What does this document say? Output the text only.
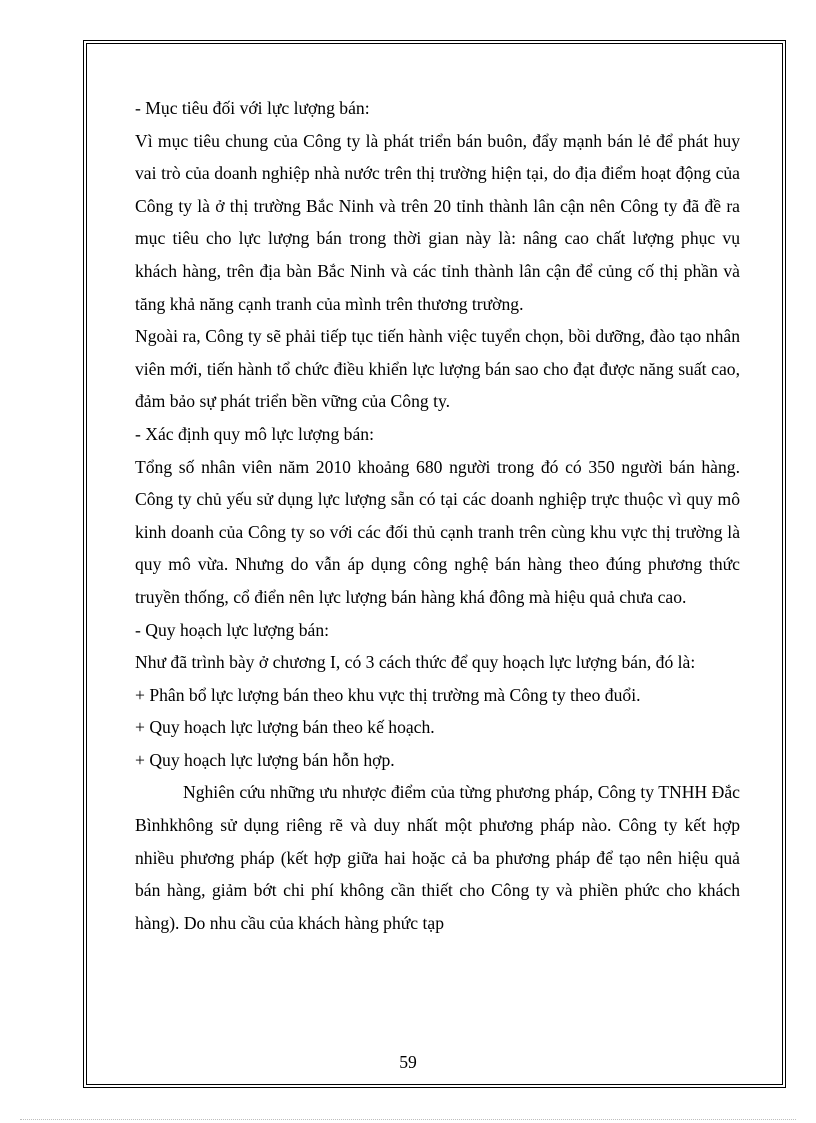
- Mục tiêu đối với lực lượng bán:

Vì mục tiêu chung của Công ty là phát triển bán buôn, đẩy mạnh bán lẻ để phát huy vai trò của doanh nghiệp nhà nước trên thị trường hiện tại, do địa điểm hoạt động của Công ty là ở thị trường Bắc Ninh và trên 20 tỉnh thành lân cận nên Công ty đã đề ra mục tiêu cho lực lượng bán trong thời gian này là: nâng cao chất lượng phục vụ khách hàng, trên địa bàn Bắc Ninh và các tỉnh thành lân cận để củng cố thị phần và tăng khả năng cạnh tranh của mình trên thương trường.

Ngoài ra, Công ty sẽ phải tiếp tục tiến hành việc tuyển chọn, bồi dưỡng, đào tạo nhân viên mới, tiến hành tổ chức điều khiển lực lượng bán sao cho đạt được năng suất cao, đảm bảo sự phát triển bền vững của Công ty.

- Xác định quy mô lực lượng bán:

Tổng số nhân viên năm 2010 khoảng 680 người trong đó có 350 người bán hàng. Công ty chủ yếu sử dụng lực lượng sẵn có tại các doanh nghiệp trực thuộc vì quy mô kinh doanh của Công ty so với các đối thủ cạnh tranh trên cùng khu vực thị trường là quy mô vừa. Nhưng do vẫn áp dụng công nghệ bán hàng theo đúng phương thức truyền thống, cổ điển nên lực lượng bán hàng khá đông mà hiệu quả chưa cao.

- Quy hoạch lực lượng bán:

Như đã trình bày ở chương I, có 3 cách thức để quy hoạch lực lượng bán, đó là:

+ Phân bổ lực lượng bán theo khu vực thị trường mà Công ty theo đuổi.

+ Quy hoạch lực lượng bán theo kế hoạch.

+ Quy hoạch lực lượng bán hỗn hợp.

Nghiên cứu những ưu nhược điểm của từng phương pháp, Công ty TNHH Đắc Bìnhkhông sử dụng riêng rẽ và duy nhất một phương pháp nào. Công ty kết hợp nhiều phương pháp (kết hợp giữa hai hoặc cả ba phương pháp để tạo nên hiệu quả bán hàng, giảm bớt chi phí không cần thiết cho Công ty và phiền phức cho khách hàng). Do nhu cầu của khách hàng phức tạp

59
